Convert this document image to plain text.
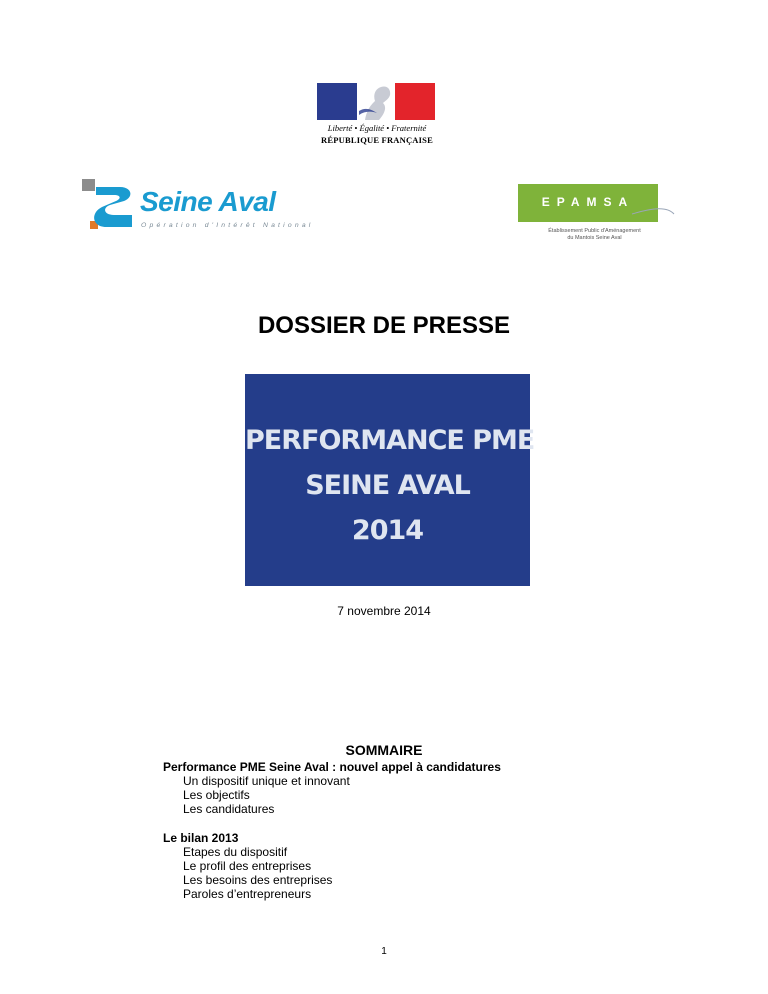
Liberté • Égalité • Fraternité
RÉPUBLIQUE FRANÇAISE
Seine Aval
Opération d'Intérêt National
EPAMSA
Établissement Public d'Aménagement
du Mantois Seine Aval
DOSSIER DE PRESSE
PERFORMANCE PME
SEINE AVAL
2014
7 novembre 2014
SOMMAIRE
Performance PME Seine Aval : nouvel appel à candidatures
Un dispositif unique et innovant
Les objectifs
Les candidatures
Le bilan 2013
Etapes du dispositif
Le profil des entreprises
Les besoins des entreprises
Paroles d’entrepreneurs
1
